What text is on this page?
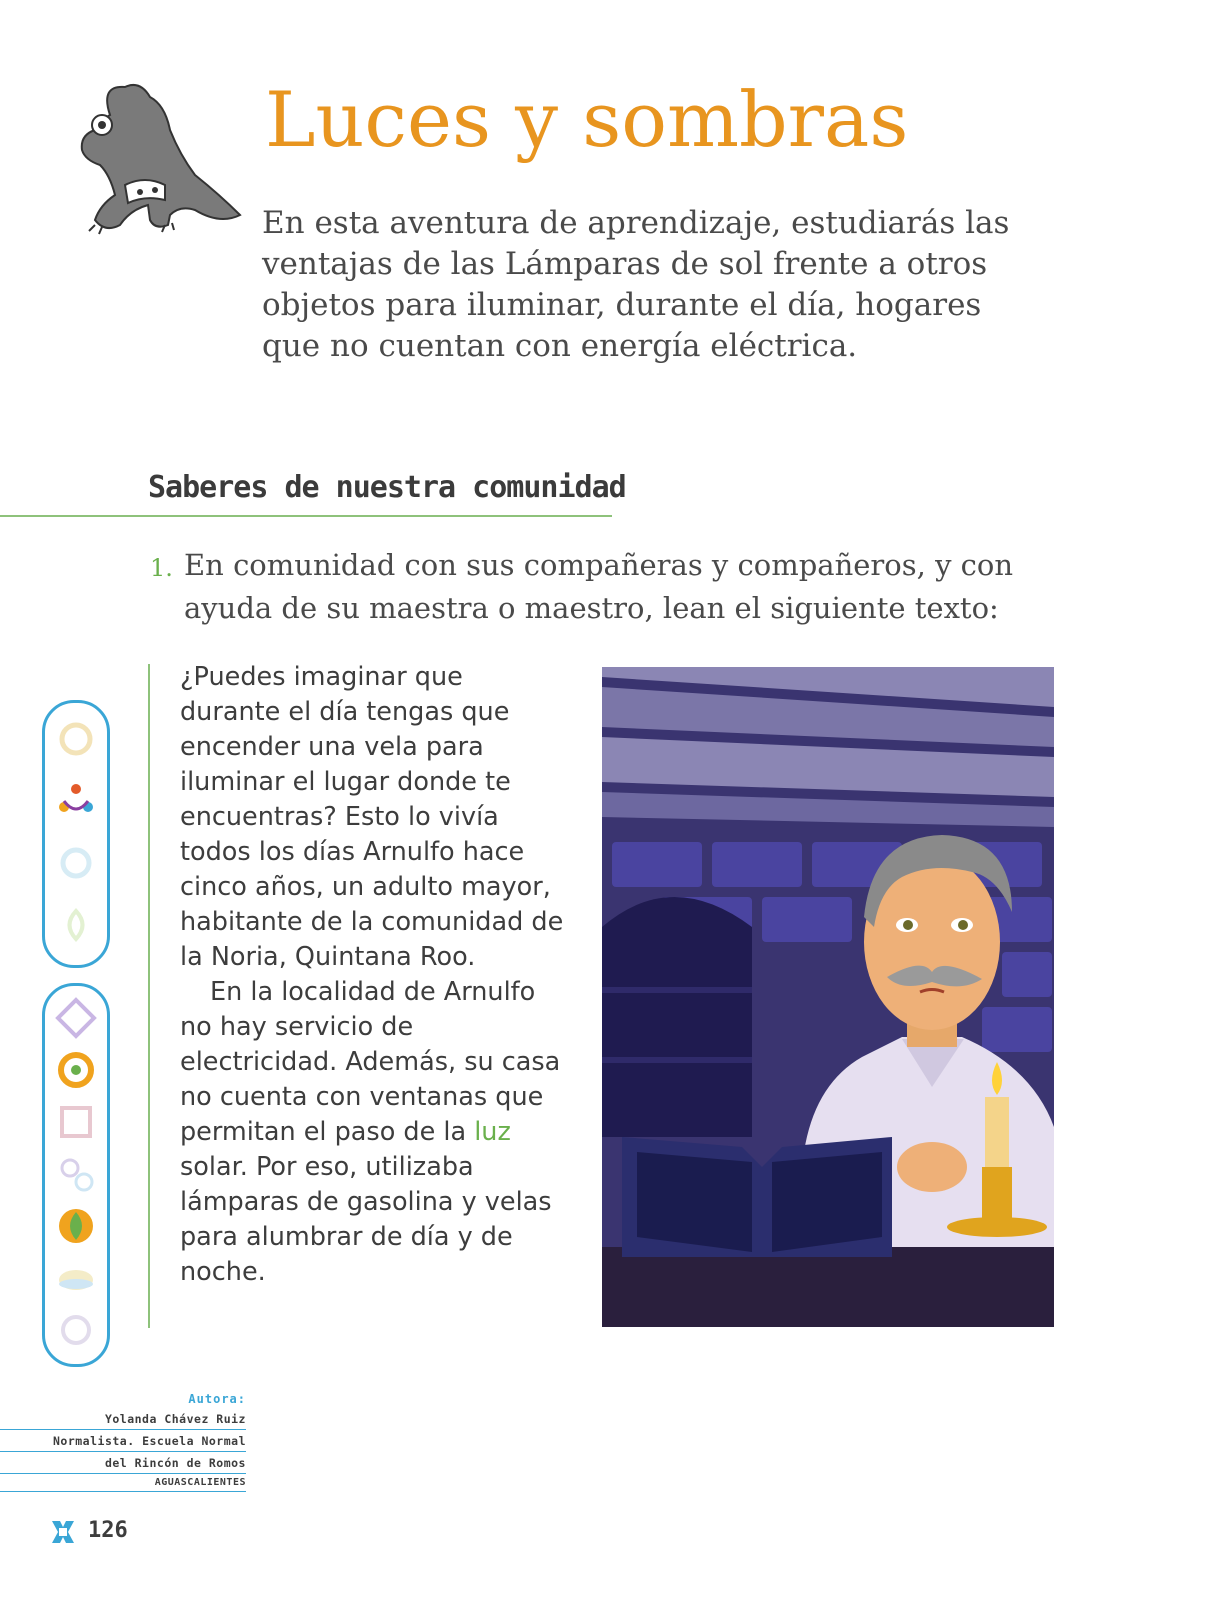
Luces y sombras

En esta aventura de aprendizaje, estudiarás las ventajas de las Lámparas de sol frente a otros objetos para iluminar, durante el día, hogares que no cuentan con energía eléctrica.

Saberes de nuestra comunidad
1. En comunidad con sus compañeras y compañeros, y con ayuda de su maestra o maestro, lean el siguiente texto:

¿Puedes imaginar que durante el día tengas que encender una vela para iluminar el lugar donde te encuentras? Esto lo vivía todos los días Arnulfo hace cinco años, un adulto mayor, habitante de la comunidad de la Noria, Quintana Roo.

En la localidad de Arnulfo no hay servicio de electricidad. Además, su casa no cuenta con ventanas que permitan el paso de la luz solar. Por eso, utilizaba lámparas de gasolina y velas para alumbrar de día y de noche.

Autora:
Yolanda Chávez Ruiz
Normalista. Escuela Normal
del Rincón de Romos
AGUASCALIENTES
126
